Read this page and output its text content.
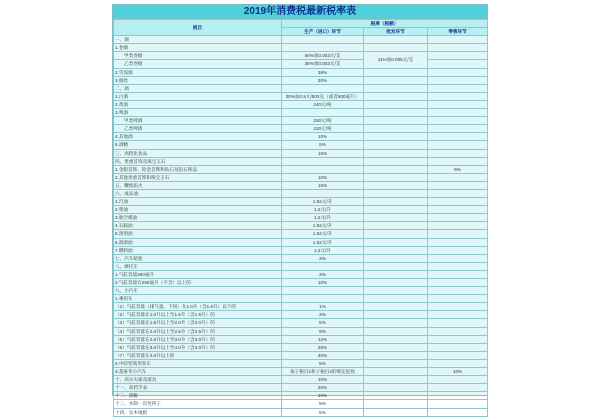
2019年消费税最新税率表
税目	税率（税额）		
	生产（进口）环节	批发环节	零售环节
一、烟			
1.卷烟			
甲类卷烟	56%加0.003元/支	11%加0.005元/支	
乙类卷烟	36%加0.003元/支		
2.雪茄烟	36%		
3.烟丝	30%		
二、酒			
1.白酒	20%加0.5元/500克（或者500毫升）		
2.黄酒	240元/吨		
3.啤酒			
甲类啤酒	250元/吨		
乙类啤酒	220元/吨		
4.其他酒	10%		
5.酒精	5%		
三、高档化妆品	15%		
四、贵重首饰及珠宝玉石			
1.金银首饰、铂金首饰和钻石及钻石饰品			5%
2.其他贵重首饰和珠宝玉石	10%		
五、鞭炮焰火	15%		
六、成品油			
1.汽油	1.52元/升		
2.柴油	1.2元/升		
3.航空煤油	1.2元/升		
4.石脑油	1.52元/升		
5.溶剂油	1.52元/升		
6.润滑油	1.52元/升		
7.燃料油	1.2元/升		
七、汽车轮胎	3%		
八、摩托车			
1.气缸容量250毫升	3%		
2.气缸容量在250毫升（不含）以上的	10%		
九、小汽车			
1.乘用车			
（1）气缸容量（排气量，下同）在1.0升（含1.0升）以下的	1%		
（2）气缸容量在1.0升以上至1.5升（含1.5升）的	3%		
（3）气缸容量在1.5升以上至2.0升（含2.0升）的	5%		
（4）气缸容量在2.0升以上至2.5升（含2.5升）的	9%		
（5）气缸容量在2.5升以上至3.0升（含3.0升）的	12%		
（6）气缸容量在3.0升以上至4.0升（含4.0升）的	25%		
（7）气缸容量在4.0升以上的	40%		
2.中轻型商用客车	5%		
3.超豪华小汽车	按子税目1和子税目2的规定征收		10%
十、高尔夫球及球具	10%		
十一、高档手表	20%		
十二、游艇	10%		
十三、木制一次性筷子	5%		
十四、实木地板	5%		
